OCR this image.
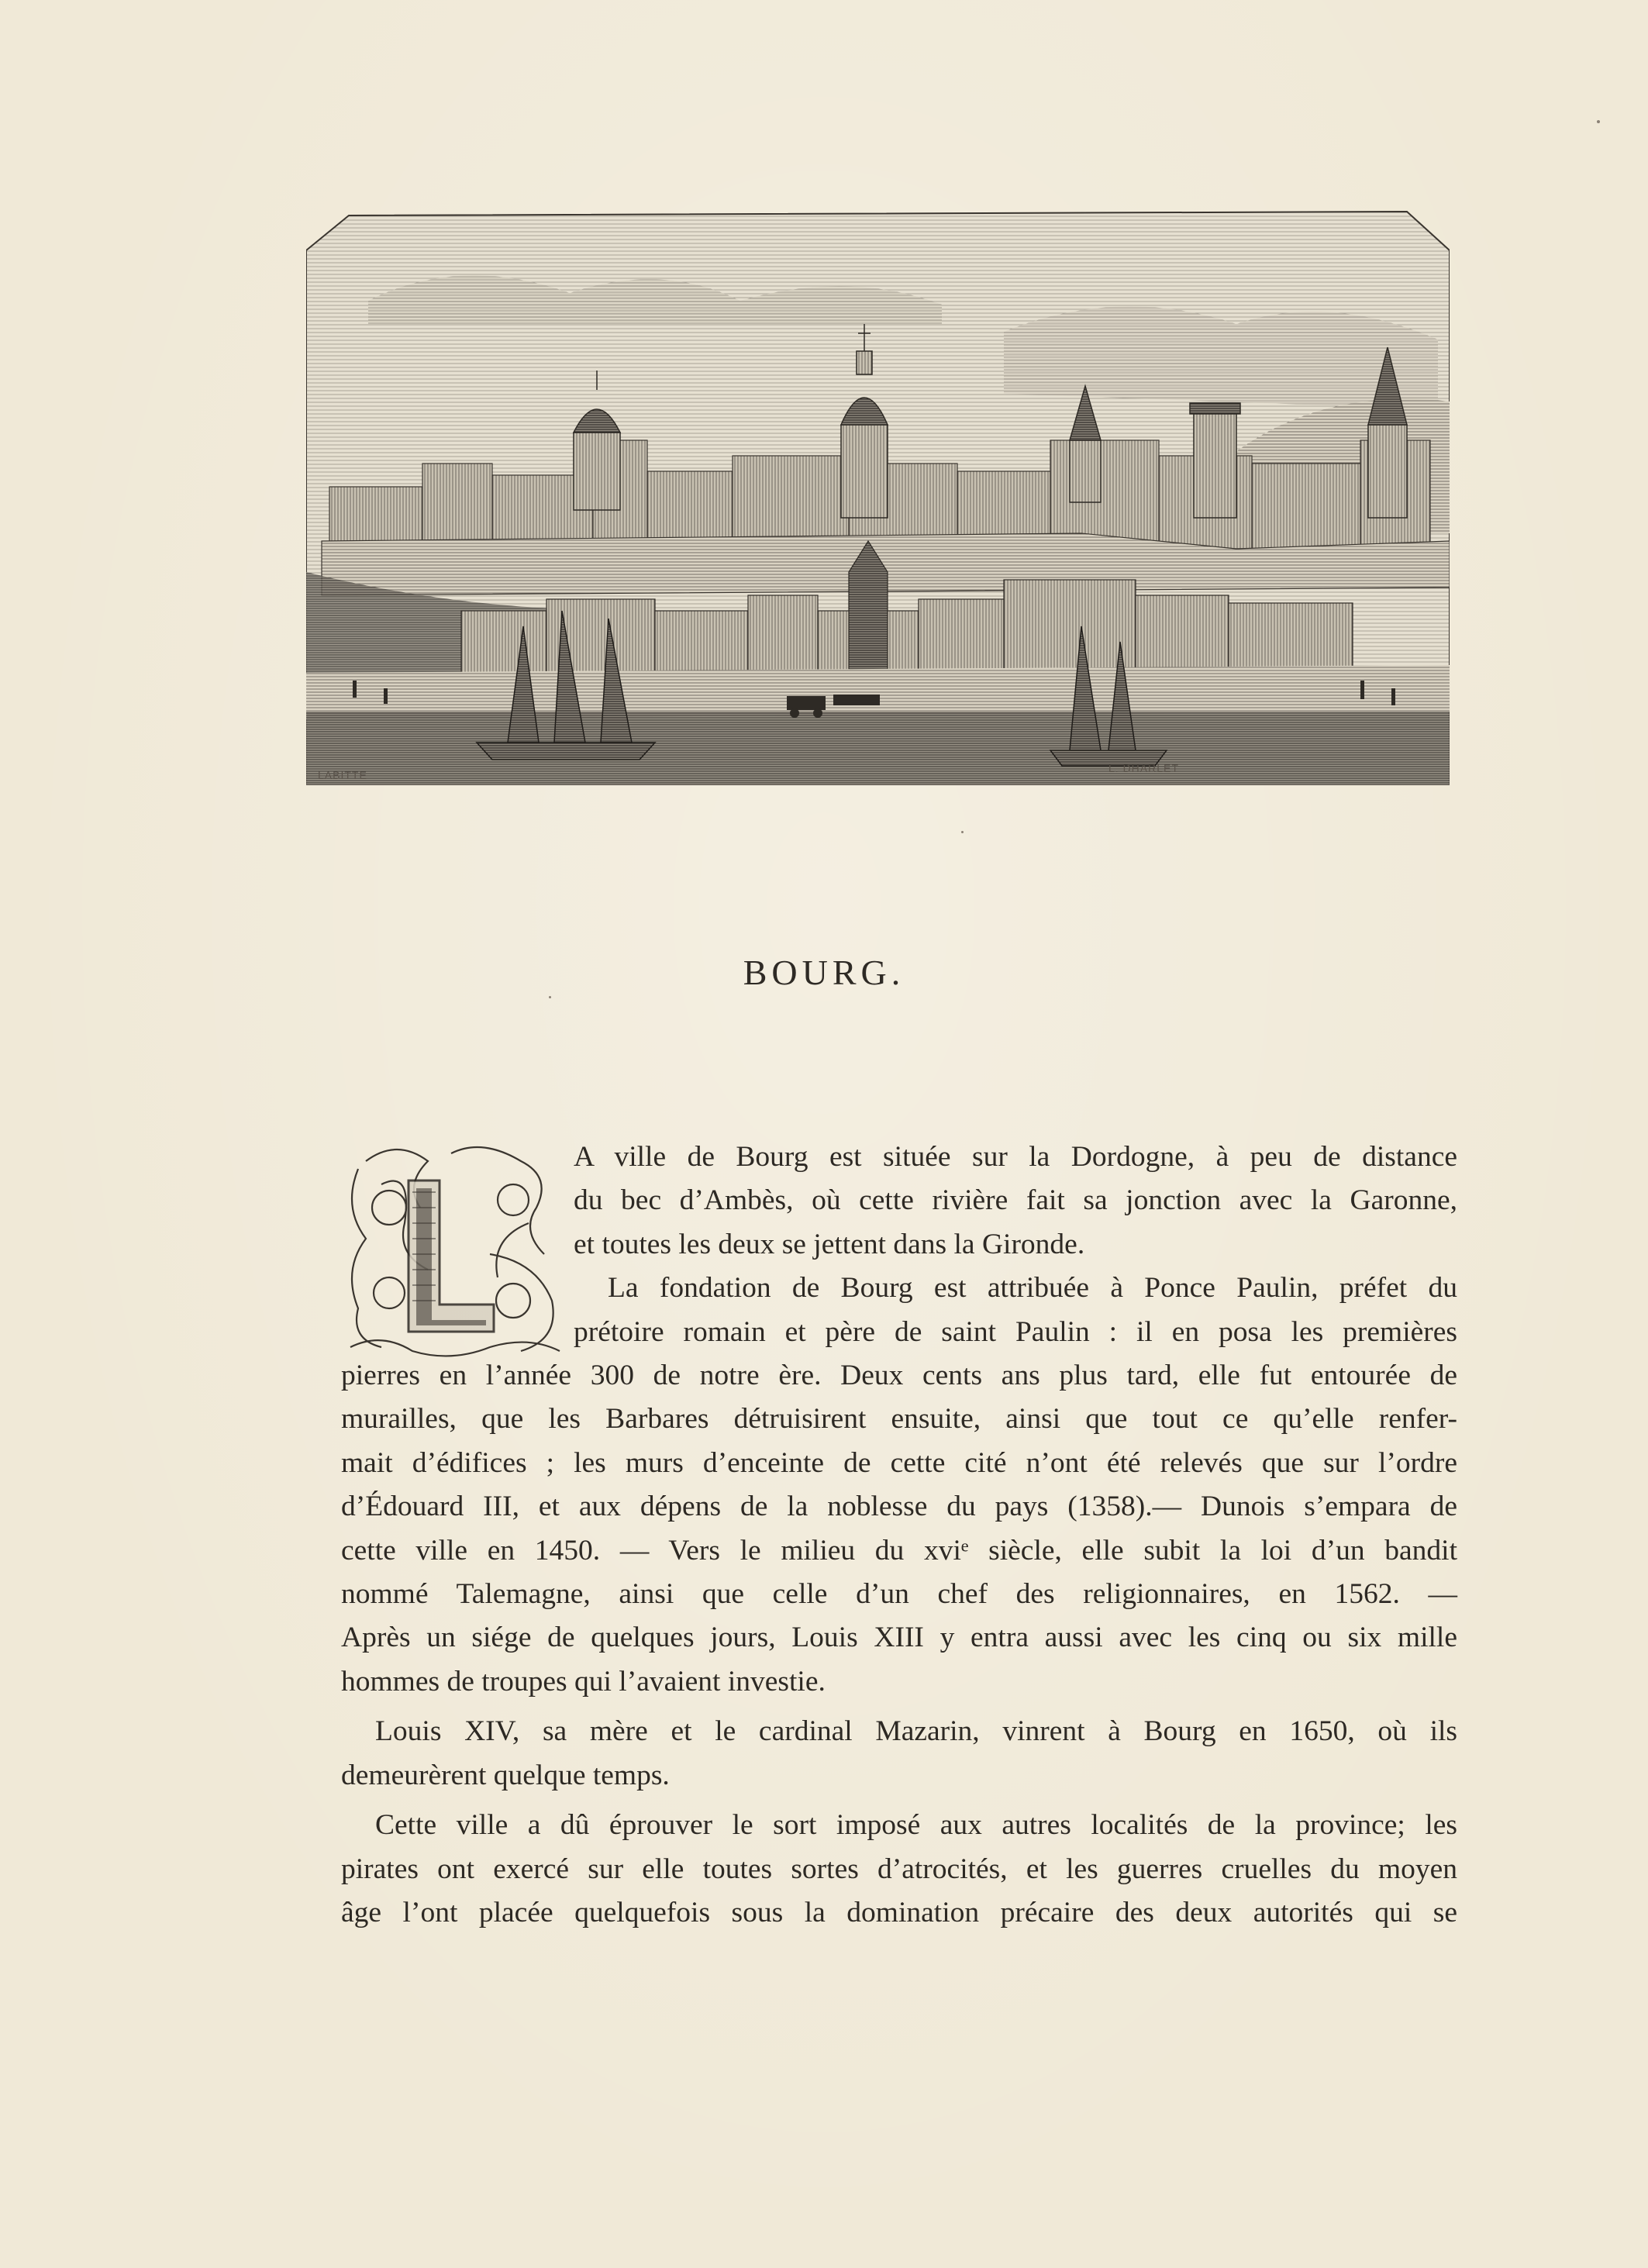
LABITTE
L. DHARLET
BOURG.
A ville de Bourg est située sur la Dordogne, à peu de distance
du bec d’Ambès, où cette rivière fait sa jonction avec la Garonne,
et toutes les deux se jettent dans la Gironde.
La fondation de Bourg est attribuée à Ponce Paulin, préfet du
prétoire romain et père de saint Paulin : il en posa les premières

pierres en l’année 300 de notre ère. Deux cents ans plus tard, elle fut entourée de
murailles, que les Barbares détruisirent ensuite, ainsi que tout ce qu’elle renfer-
mait d’édifices ; les murs d’enceinte de cette cité n’ont été relevés que sur l’ordre
d’Édouard III, et aux dépens de la noblesse du pays (1358).— Dunois s’empara de
cette ville en 1450. — Vers le milieu du xviᵉ siècle, elle subit la loi d’un bandit
nommé Talemagne, ainsi que celle d’un chef des religionnaires, en 1562. —
Après un siége de quelques jours, Louis XIII y entra aussi avec les cinq ou six mille
hommes de troupes qui l’avaient investie.

Louis XIV, sa mère et le cardinal Mazarin, vinrent à Bourg en 1650, où ils
demeurèrent quelque temps.

Cette ville a dû éprouver le sort imposé aux autres localités de la province; les
pirates ont exercé sur elle toutes sortes d’atrocités, et les guerres cruelles du moyen
âge l’ont placée quelquefois sous la domination précaire des deux autorités qui se
